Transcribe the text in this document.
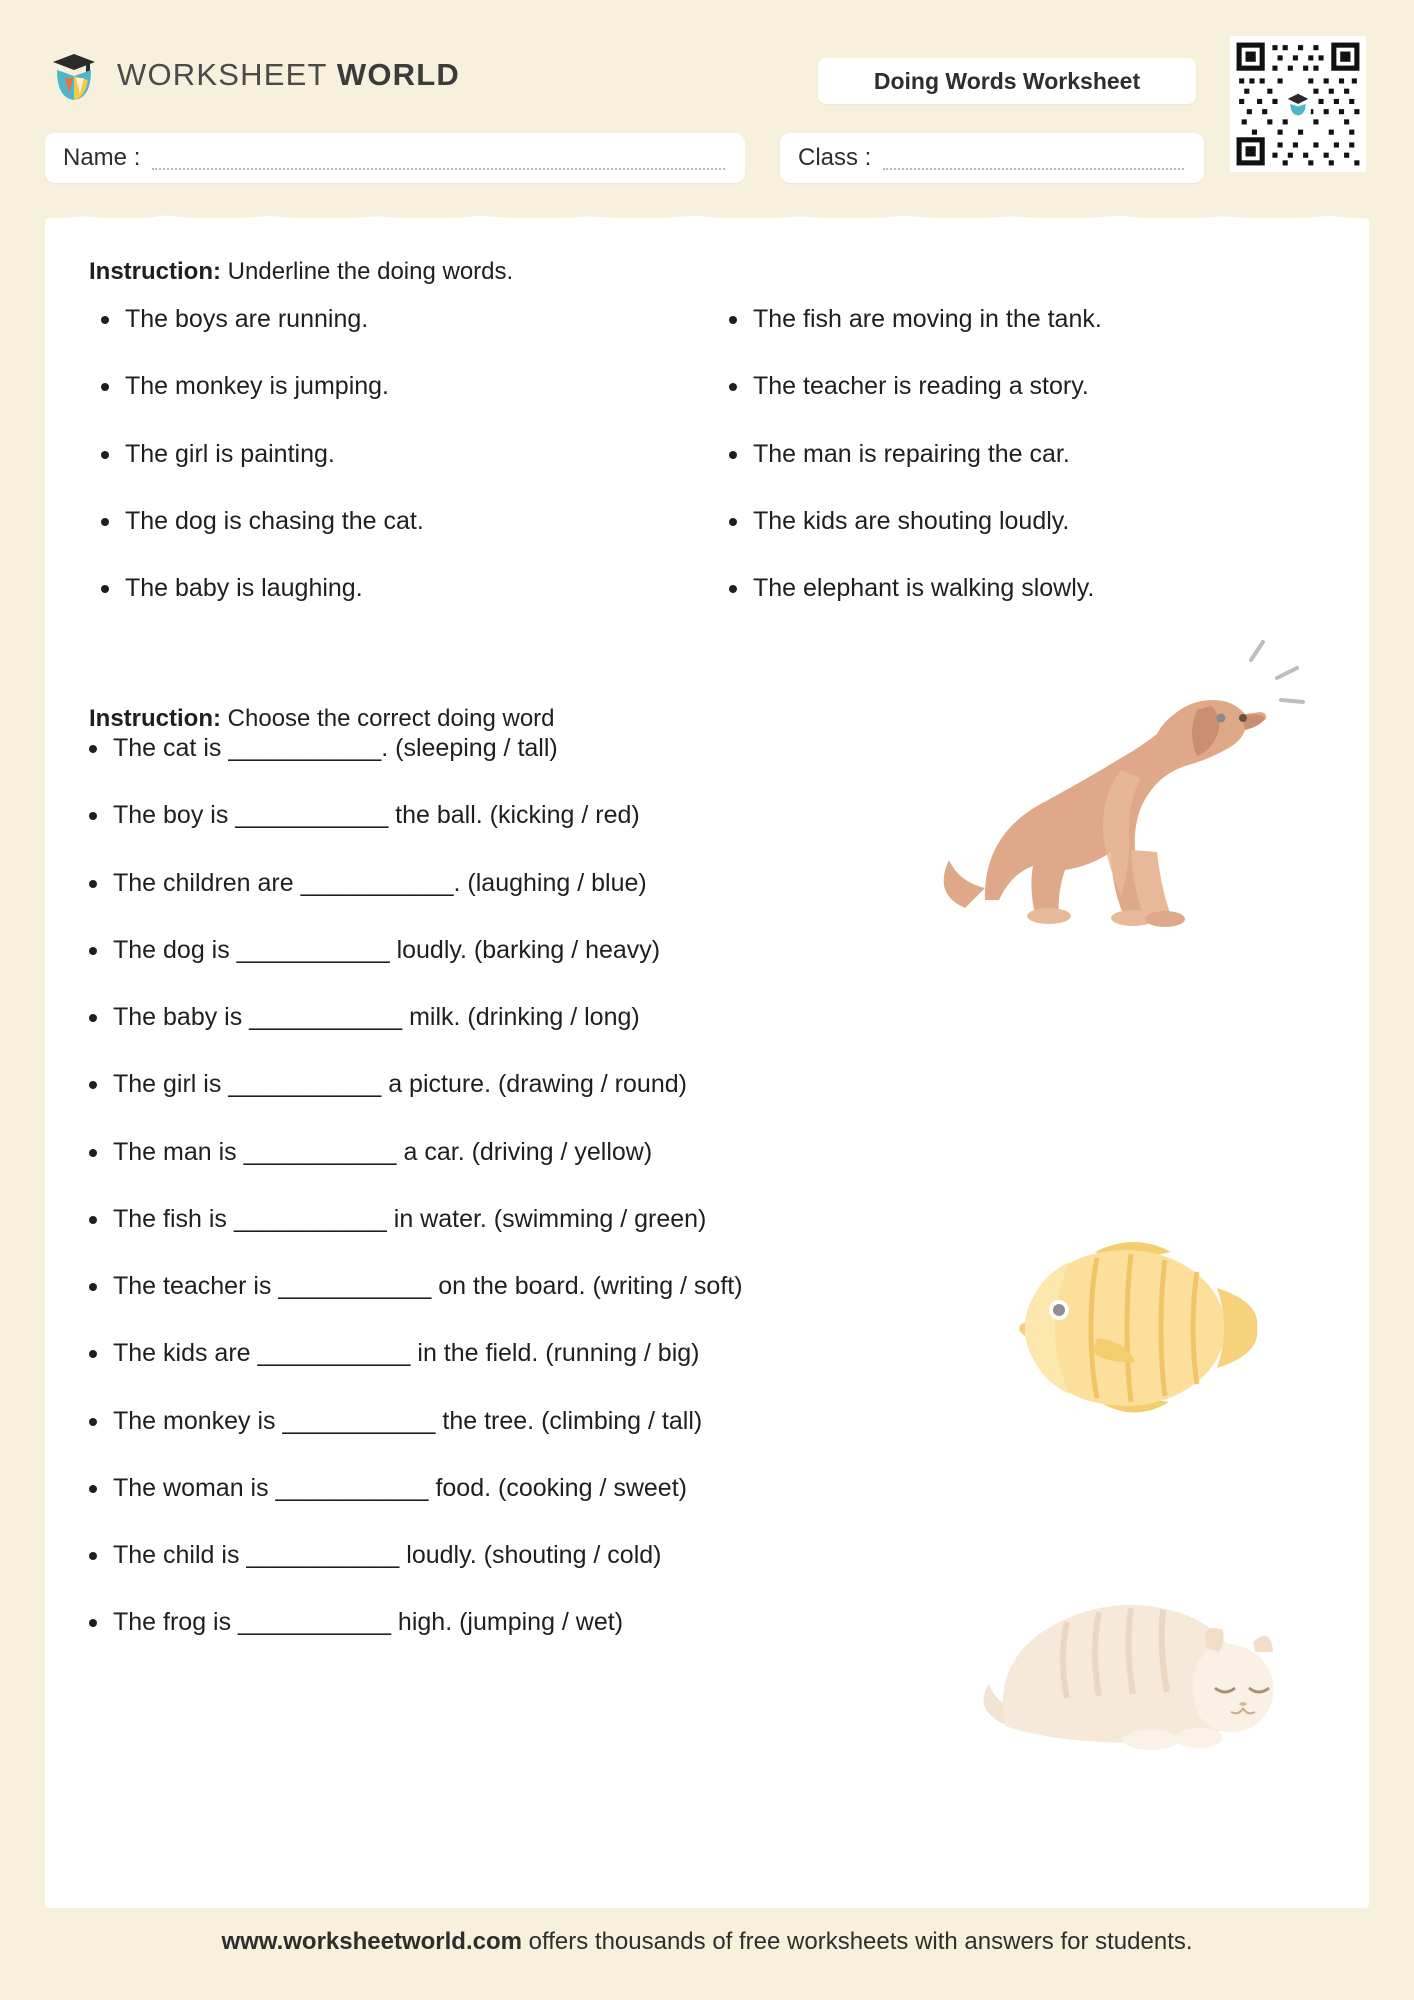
WORKSHEET WORLD	Doing Words Worksheet
Name :	Class :
Instruction: Underline the doing words.
The boys are running.
The monkey is jumping.
The girl is painting.
The dog is chasing the cat.
The baby is laughing.
The fish are moving in the tank.
The teacher is reading a story.
The man is repairing the car.
The kids are shouting loudly.
The elephant is walking slowly.
Instruction: Choose the correct doing word
The cat is ___________. (sleeping / tall)
The boy is ___________ the ball. (kicking / red)
The children are ___________. (laughing / blue)
The dog is ___________ loudly. (barking / heavy)
The baby is ___________ milk. (drinking / long)
The girl is ___________ a picture. (drawing / round)
The man is ___________ a car. (driving / yellow)
The fish is ___________ in water. (swimming / green)
The teacher is ___________ on the board. (writing / soft)
The kids are ___________ in the field. (running / big)
The monkey is ___________ the tree. (climbing / tall)
The woman is ___________ food. (cooking / sweet)
The child is ___________ loudly. (shouting / cold)
The frog is ___________ high. (jumping / wet)
www.worksheetworld.com offers thousands of free worksheets with answers for students.
